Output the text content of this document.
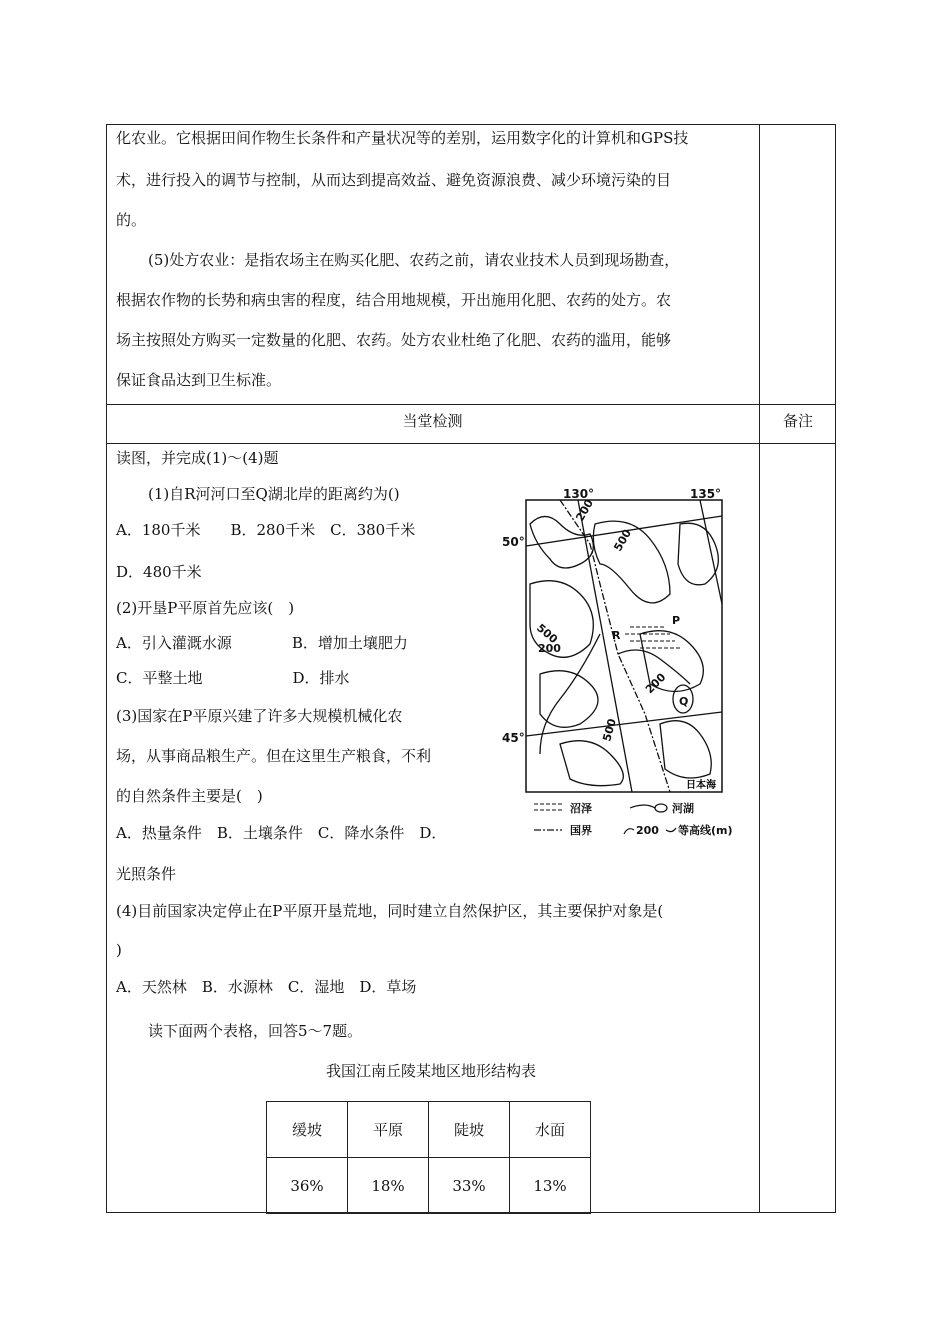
化农业。它根据田间作物生长条件和产量状况等的差别，运用数字化的计算机和GPS技
术，进行投入的调节与控制，从而达到提高效益、避免资源浪费、减少环境污染的目
的。
(5)处方农业：是指农场主在购买化肥、农药之前，请农业技术人员到现场勘查，
根据农作物的长势和病虫害的程度，结合用地规模，开出施用化肥、农药的处方。农
场主按照处方购买一定数量的化肥、农药。处方农业杜绝了化肥、农药的滥用，能够
保证食品达到卫生标准。
当堂检测	备注
读图，并完成(1)～(4)题
(1)自R河河口至Q湖北岸的距离约为()
A．180千米　　B．280千米　C．380千米
D．480千米
(2)开垦P平原首先应该(　)
A．引入灌溉水源　　　　B．增加土壤肥力
C．平整土地　　　　　　D．排水
(3)国家在P平原兴建了许多大规模机械化农
场，从事商品粮生产。但在这里生产粮食，不利
的自然条件主要是(　)
A．热量条件　B．土壤条件　C．降水条件　D．
光照条件
(4)目前国家决定停止在P平原开垦荒地，同时建立自然保护区，其主要保护对象是(
)
A．天然林　B．水源林　C．湿地　D．草场
读下面两个表格，回答5～7题。
130°	135°
50°
45°
200
500
500
200
200
500
R
P
Q
日本海
沼泽	河湖
国界	200 等高线(m)
我国江南丘陵某地区地形结构表
缓坡	平原	陡坡	水面
36%	18%	33%	13%
